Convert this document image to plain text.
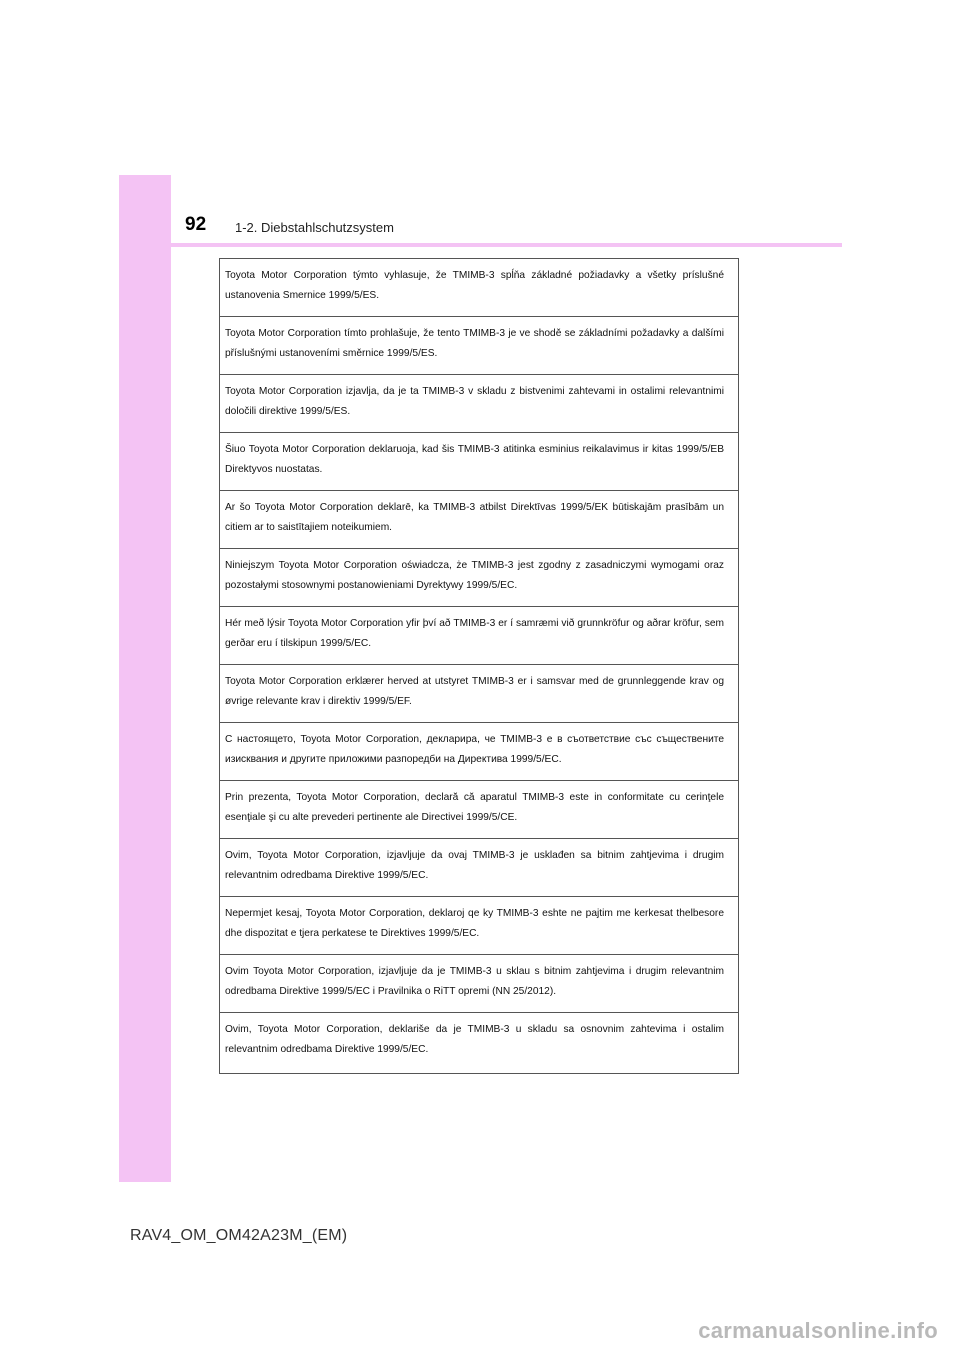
92 1-2. Diebstahlschutzsystem
Toyota Motor Corporation týmto vyhlasuje, že TMIMB-3 spĺňa základné požiadavky a všetky príslušné ustanovenia Smernice 1999/5/ES.
Toyota Motor Corporation tímto prohlašuje, že tento TMIMB-3 je ve shodě se základními požadavky a dalšími příslušnými ustanoveními směrnice 1999/5/ES.
Toyota Motor Corporation izjavlja, da je ta TMIMB-3 v skladu z bistvenimi zahtevami in ostalimi relevantnimi določili direktive 1999/5/ES.
Šiuo Toyota Motor Corporation deklaruoja, kad šis TMIMB-3 atitinka esminius reikalavimus ir kitas 1999/5/EB Direktyvos nuostatas.
Ar šo Toyota Motor Corporation deklarē, ka TMIMB-3 atbilst Direktīvas 1999/5/EK būtiskajām prasībām un citiem ar to saistītajiem noteikumiem.
Niniejszym Toyota Motor Corporation oświadcza, że TMIMB-3 jest zgodny z zasadniczymi wymogami oraz pozostałymi stosownymi postanowieniami Dyrektywy 1999/5/EC.
Hér með lýsir Toyota Motor Corporation yfir því að TMIMB-3 er í samræmi við grunnkröfur og aðrar kröfur, sem gerðar eru í tilskipun 1999/5/EC.
Toyota Motor Corporation erklærer herved at utstyret TMIMB-3 er i samsvar med de grunnleggende krav og øvrige relevante krav i direktiv 1999/5/EF.
С настоящето, Toyota Motor Corporation, декларира, че TMIMB-3 е в съответствие със съществените изисквания и другите приложими разпоредби на Директива 1999/5/ЕС.
Prin prezenta, Toyota Motor Corporation, declară că aparatul TMIMB-3 este in conformitate cu cerinţele esenţiale şi cu alte prevederi pertinente ale Directivei 1999/5/CE.
Ovim, Toyota Motor Corporation, izjavljuje da ovaj TMIMB-3 je usklađen sa bitnim zahtjevima i drugim relevantnim odredbama Direktive 1999/5/EC.
Nepermjet kesaj, Toyota Motor Corporation, deklaroj qe ky TMIMB-3 eshte ne pajtim me kerkesat thelbesore dhe dispozitat e tjera perkatese te Direktives 1999/5/EC.
Ovim Toyota Motor Corporation, izjavljuje da je TMIMB-3 u sklau s bitnim zahtjevima i drugim relevantnim odredbama Direktive 1999/5/EC i Pravilnika o RiTT opremi (NN 25/2012).
Ovim, Toyota Motor Corporation, deklariše da je TMIMB-3 u skladu sa osnovnim zahtevima i ostalim relevantnim odredbama Direktive 1999/5/EC.
RAV4_OM_OM42A23M_(EM)
carmanualsonline.info
